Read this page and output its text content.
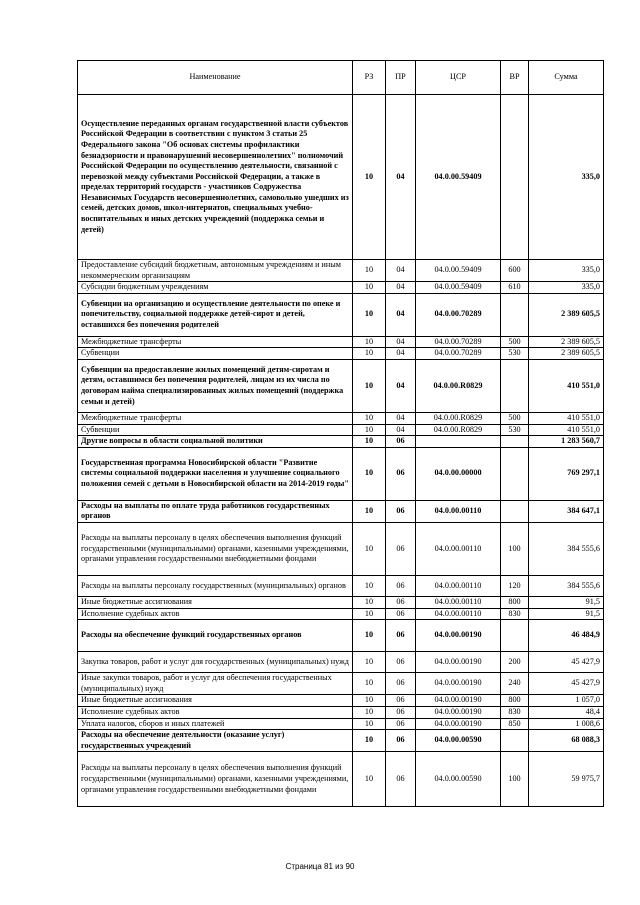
Наименование	РЗ	ПР	ЦСР	ВР	Сумма
Осуществление переданных органам государственной власти субъектов Российской Федерации в соответствии с пунктом 3 статьи 25 Федерального закона "Об основах системы профилактики безнадзорности и правонарушений несовершеннолетних" полномочий Российской Федерации по осуществлению деятельности, связанной с перевозкой между субъектами Российской Федерации, а также в пределах территорий государств - участников Содружества Независимых Государств несовершеннолетних, самовольно ушедших из семей, детских домов, школ-интернатов, специальных учебно-воспитательных и иных детских учреждений (поддержка семьи и детей)	10	04	04.0.00.59409		335,0
Предоставление субсидий бюджетным, автономным учреждениям и иным некоммерческим организациям	10	04	04.0.00.59409	600	335,0
Субсидии бюджетным учреждениям	10	04	04.0.00.59409	610	335,0
Субвенции на организацию и осуществление деятельности по опеке и попечительству, социальной поддержке детей-сирот и детей, оставшихся без попечения родителей	10	04	04.0.00.70289		2 389 605,5
Межбюджетные трансферты	10	04	04.0.00.70289	500	2 389 605,5
Субвенции	10	04	04.0.00.70289	530	2 389 605,5
Субвенции на предоставление жилых помещений детям-сиротам и детям, оставшимся без попечения родителей, лицам из их числа по договорам найма специализированных жилых помещений (поддержка семьи и детей)	10	04	04.0.00.R0829		410 551,0
Межбюджетные трансферты	10	04	04.0.00.R0829	500	410 551,0
Субвенции	10	04	04.0.00.R0829	530	410 551,0
Другие вопросы в области социальной политики	10	06			1 283 560,7
Государственная программа Новосибирской области "Развитие системы социальной поддержки населения и улучшение социального положения семей с детьми в Новосибирской области на 2014-2019 годы"	10	06	04.0.00.00000		769 297,1
Расходы на выплаты по оплате труда работников государственных органов	10	06	04.0.00.00110		384 647,1
Расходы на выплаты персоналу в целях обеспечения выполнения функций государственными (муниципальными) органами, казенными учреждениями, органами управления государственными внебюджетными фондами	10	06	04.0.00.00110	100	384 555,6
Расходы на выплаты персоналу государственных (муниципальных) органов	10	06	04.0.00.00110	120	384 555,6
Иные бюджетные ассигнования	10	06	04.0.00.00110	800	91,5
Исполнение судебных актов	10	06	04.0.00.00110	830	91,5
Расходы на обеспечение функций государственных органов	10	06	04.0.00.00190		46 484,9
Закупка товаров, работ и услуг для государственных (муниципальных) нужд	10	06	04.0.00.00190	200	45 427,9
Иные закупки товаров, работ и услуг для обеспечения государственных (муниципальных) нужд	10	06	04.0.00.00190	240	45 427,9
Иные бюджетные ассигнования	10	06	04.0.00.00190	800	1 057,0
Исполнение судебных актов	10	06	04.0.00.00190	830	48,4
Уплата налогов, сборов и иных платежей	10	06	04.0.00.00190	850	1 008,6
Расходы на обеспечение деятельности (оказание услуг) государственных учреждений	10	06	04.0.00.00590		68 088,3
Расходы на выплаты персоналу в целях обеспечения выполнения функций государственными (муниципальными) органами, казенными учреждениями, органами управления государственными внебюджетными фондами	10	06	04.0.00.00590	100	59 975,7
Страница 81 из 90
